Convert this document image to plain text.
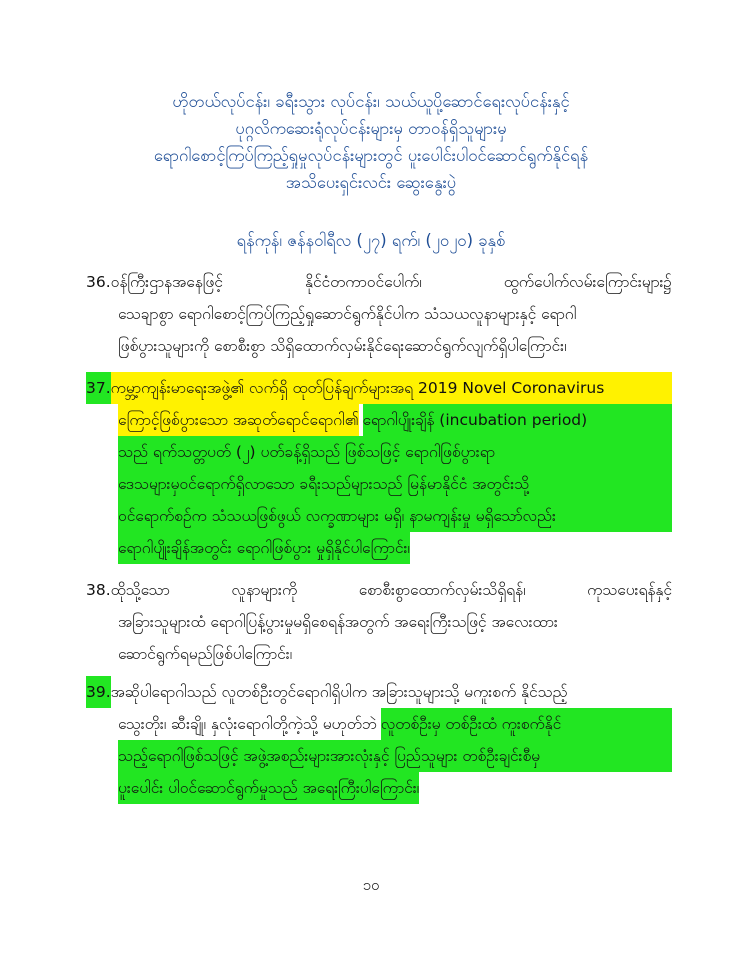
ဟိုတယ်လုပ်ငန်း၊ ခရီးသွား လုပ်ငန်း၊ သယ်ယူပို့ဆောင်ရေးလုပ်ငန်းနှင့်
ပုဂ္ဂလိကဆေးရုံလုပ်ငန်းများမှ တာဝန်ရှိသူများမှ
ရောဂါစောင့်ကြပ်ကြည့်ရှုမှုလုပ်ငန်းများတွင် ပူးပေါင်းပါဝင်ဆောင်ရွက်နိုင်ရန်
အသိပေးရှင်းလင်း ဆွေးနွေးပွဲ
ရန်ကုန်၊ ဇန်နဝါရီလ (၂၇) ရက်၊ (၂၀၂၀) ခုနှစ်
36.ဝန်ကြီးဌာနအနေဖြင့်	နိုင်ငံတကာဝင်ပေါက်၊	ထွက်ပေါက်လမ်းကြောင်းများ၌
သေချာစွာ ရောဂါစောင့်ကြပ်ကြည့်ရှုဆောင်ရွက်နိုင်ပါက သံသယလူနာများနှင့် ရောဂါ
ဖြစ်ပွားသူများကို စောစီးစွာ သိရှိထောက်လှမ်းနိုင်ရေးဆောင်ရွက်လျက်ရှိပါကြောင်း၊
37. ကမ္ဘာ့ကျန်းမာရေးအဖွဲ့၏ လက်ရှိ ထုတ်ပြန်ချက်များအရ 2019 Novel Coronavirus
ကြောင့်ဖြစ်ပွားသော အဆုတ်ရောင်ရောဂါ၏ ရောဂါပျိုးချိန် (incubation period)
သည် ရက်သတ္တပတ် (၂) ပတ်ခန့်ရှိသည် ဖြစ်သဖြင့် ရောဂါဖြစ်ပွားရာ
ဒေသများမှဝင်ရောက်ရှိလာသော ခရီးသည်များသည် မြန်မာနိုင်ငံ အတွင်းသို့
ဝင်ရောက်စဉ်က သံသယဖြစ်ဖွယ် လက္ခဏာများ မရှိ၊ နာမကျန်းမှု မရှိသော်လည်း
ရောဂါပျိုးချိန်အတွင်း ရောဂါဖြစ်ပွား မှုရှိနိုင်ပါကြောင်း၊
38.ထိုသို့သော	လူနာများကို	စောစီးစွာထောက်လှမ်းသိရှိရန်၊	ကုသပေးရန်နှင့်
အခြားသူများထံ ရောဂါပြန့်ပွားမှုမရှိစေရန်အတွက် အရေးကြီးသဖြင့် အလေးထား
ဆောင်ရွက်ရမည်ဖြစ်ပါကြောင်း၊
39. အဆိုပါရောဂါသည် လူတစ်ဦးတွင်ရောဂါရှိပါက အခြားသူများသို့ မကူးစက် နိုင်သည့်
သွေးတိုး၊ ဆီးချို၊ နှလုံးရောဂါတို့ကဲ့သို့ မဟုတ်ဘဲ လူတစ်ဦးမှ တစ်ဦးထံ ကူးစက်နိုင်
သည့်ရောဂါဖြစ်သဖြင့် အဖွဲ့အစည်းများအားလုံးနှင့် ပြည်သူများ တစ်ဦးချင်းစီမှ
ပူးပေါင်း ပါဝင်ဆောင်ရွက်မှုသည် အရေးကြီးပါကြောင်း၊
၁၀
